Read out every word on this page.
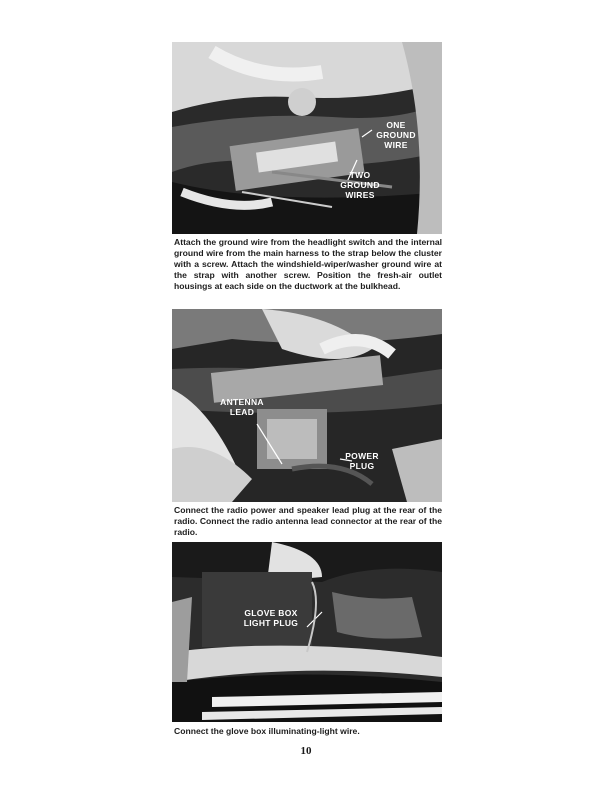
ONE
GROUND
WIRE
TWO
GROUND
WIRES
Attach the ground wire from the headlight switch and the internal ground wire from the main harness to the strap below the cluster with a screw. Attach the windshield-wiper/washer ground wire at the strap with another screw. Position the fresh-air outlet housings at each side on the ductwork at the bulkhead.
ANTENNA
LEAD
POWER
PLUG
Connect the radio power and speaker lead plug at the rear of the radio. Connect the radio antenna lead connector at the rear of the radio.
GLOVE BOX
LIGHT PLUG
Connect the glove box illuminating-light wire.
10
